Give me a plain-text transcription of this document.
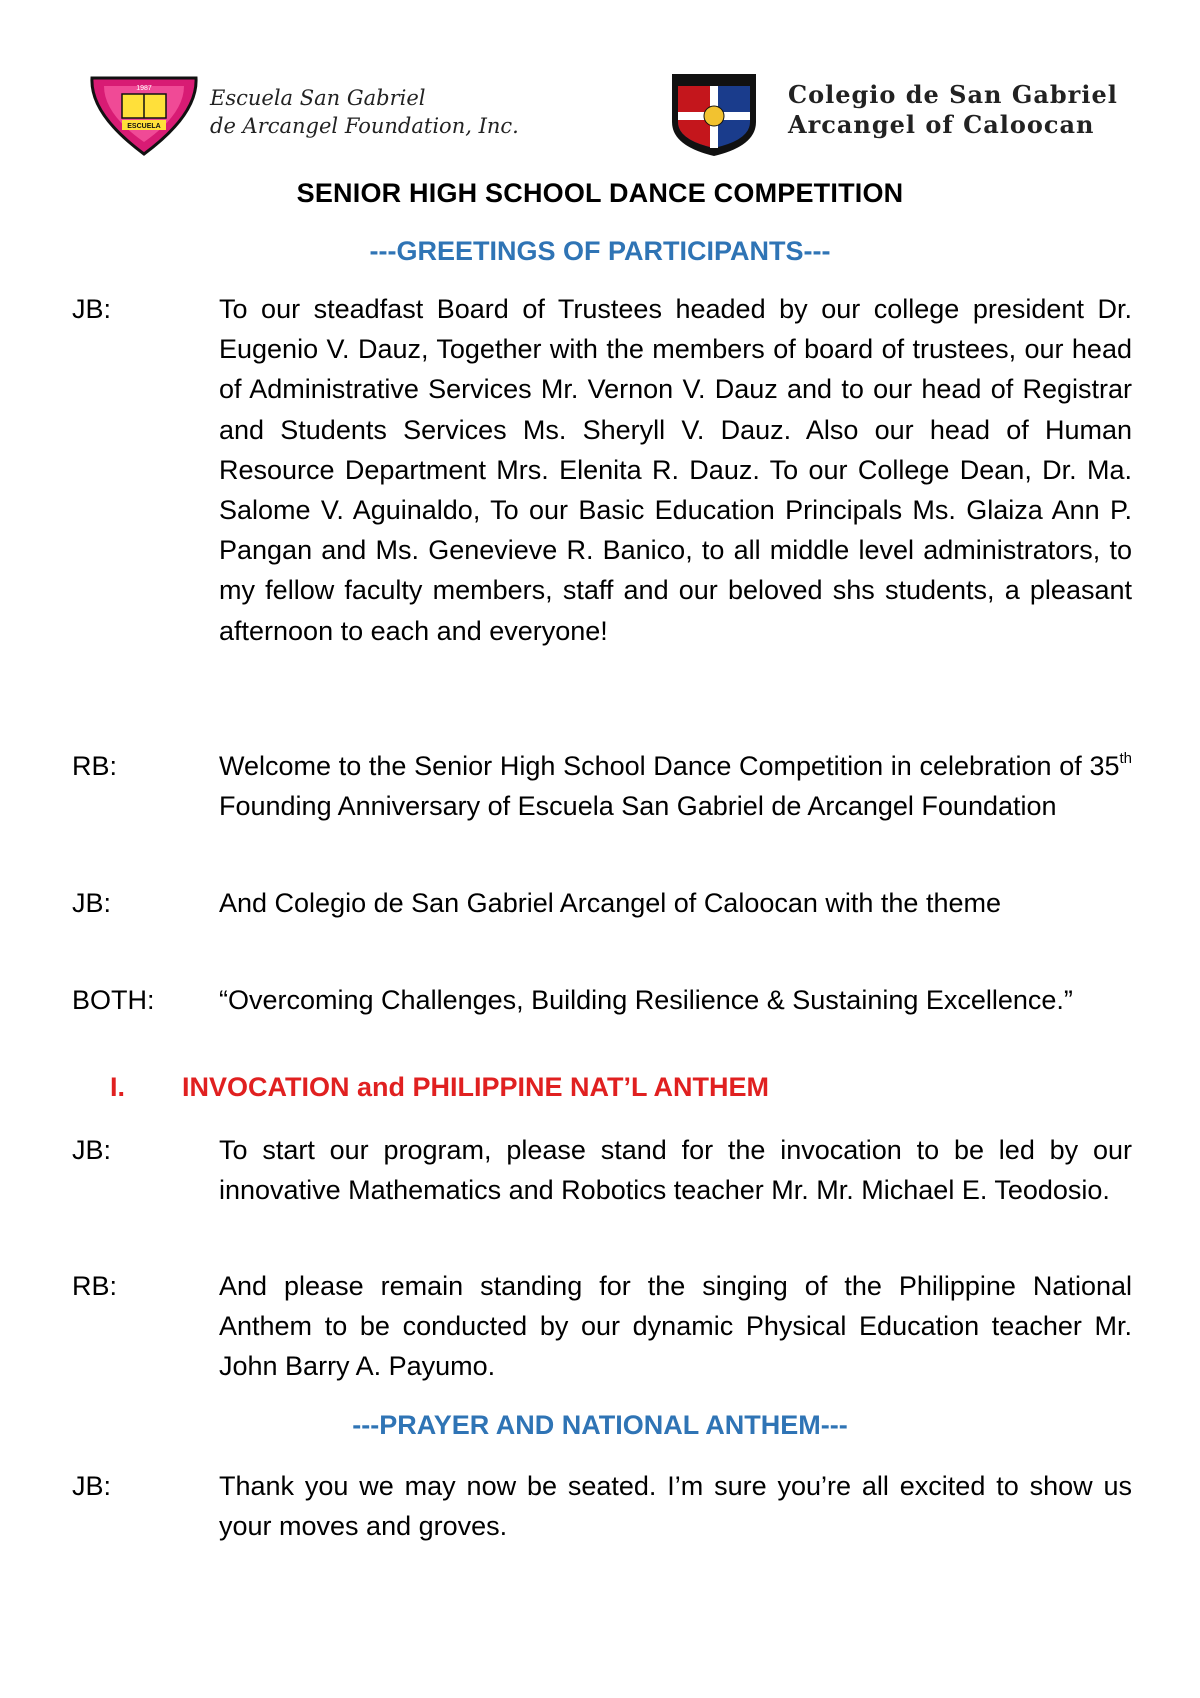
ESCUELA
1987	Escuela San Gabriel
de Arcangel Foundation, Inc.
Colegio de San Gabriel
Arcangel of Caloocan
SENIOR HIGH SCHOOL DANCE COMPETITION
---GREETINGS OF PARTICIPANTS---
JB:	To our steadfast Board of Trustees headed by our college president Dr. Eugenio V. Dauz, Together with the members of board of trustees, our head of Administrative Services Mr. Vernon V. Dauz and to our head of Registrar and Students Services Ms. Sheryll V. Dauz. Also our head of Human Resource Department Mrs. Elenita R. Dauz. To our College Dean, Dr. Ma. Salome V. Aguinaldo, To our Basic Education Principals Ms. Glaiza Ann P. Pangan and Ms. Genevieve R. Banico, to all middle level administrators, to my fellow faculty members, staff and our beloved shs students, a pleasant afternoon to each and everyone!
RB:	Welcome to the Senior High School Dance Competition in celebration of 35th Founding Anniversary of Escuela San Gabriel de Arcangel Foundation
JB:	And Colegio de San Gabriel Arcangel of Caloocan with the theme
BOTH:	“Overcoming Challenges, Building Resilience & Sustaining Excellence.”
I. INVOCATION and PHILIPPINE NAT’L ANTHEM
JB:	To start our program, please stand for the invocation to be led by our innovative Mathematics and Robotics teacher Mr. Mr. Michael E. Teodosio.
RB:	And please remain standing for the singing of the Philippine National Anthem to be conducted by our dynamic Physical Education teacher Mr. John Barry A. Payumo.
---PRAYER AND NATIONAL ANTHEM---
JB:	Thank you we may now be seated. I’m sure you’re all excited to show us your moves and groves.
